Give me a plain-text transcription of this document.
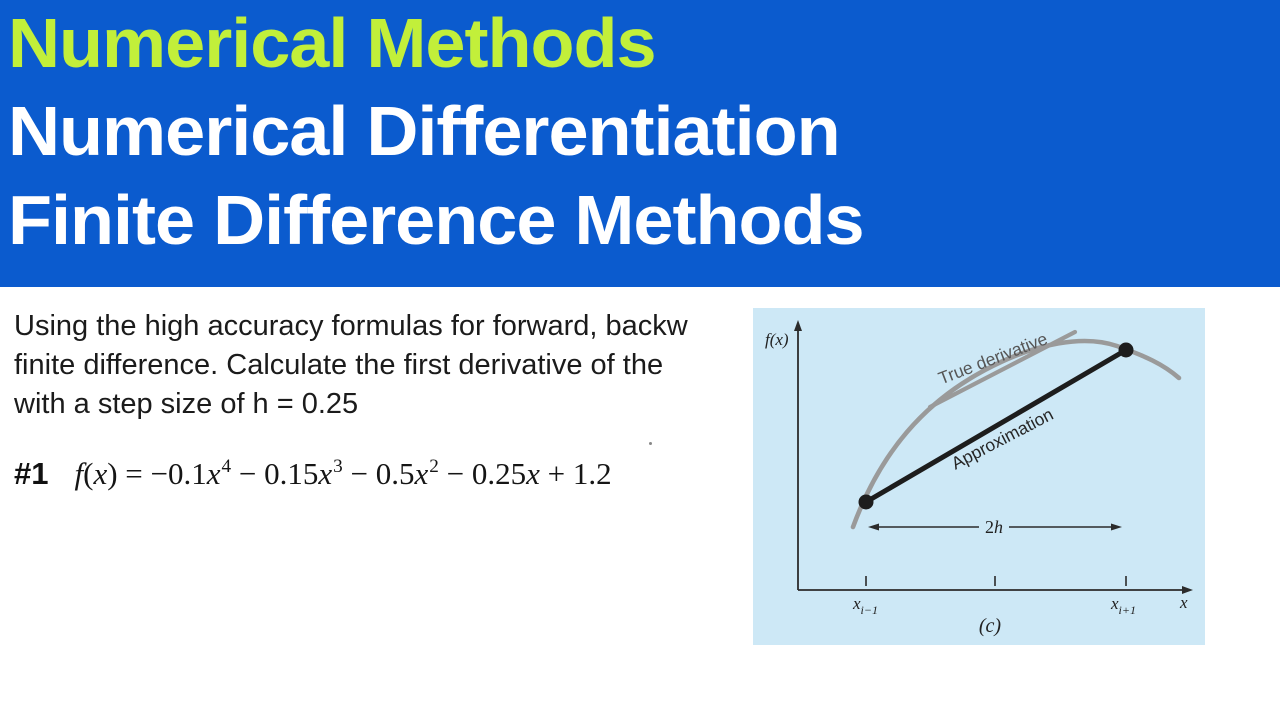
Numerical Methods
Numerical Differentiation
Finite Difference Methods

Using the high accuracy formulas for forward, backw

finite difference. Calculate the first derivative of the

with a step size of h = 0.25

#1 $f(x) = -0.1x^4 - 0.15x^3 - 0.5x^2 - 0.25x + 1.2$
2h
f(x)
x
$x_{i-1}$	$x_{i+1}$
True derivative
Approximation
(c)
